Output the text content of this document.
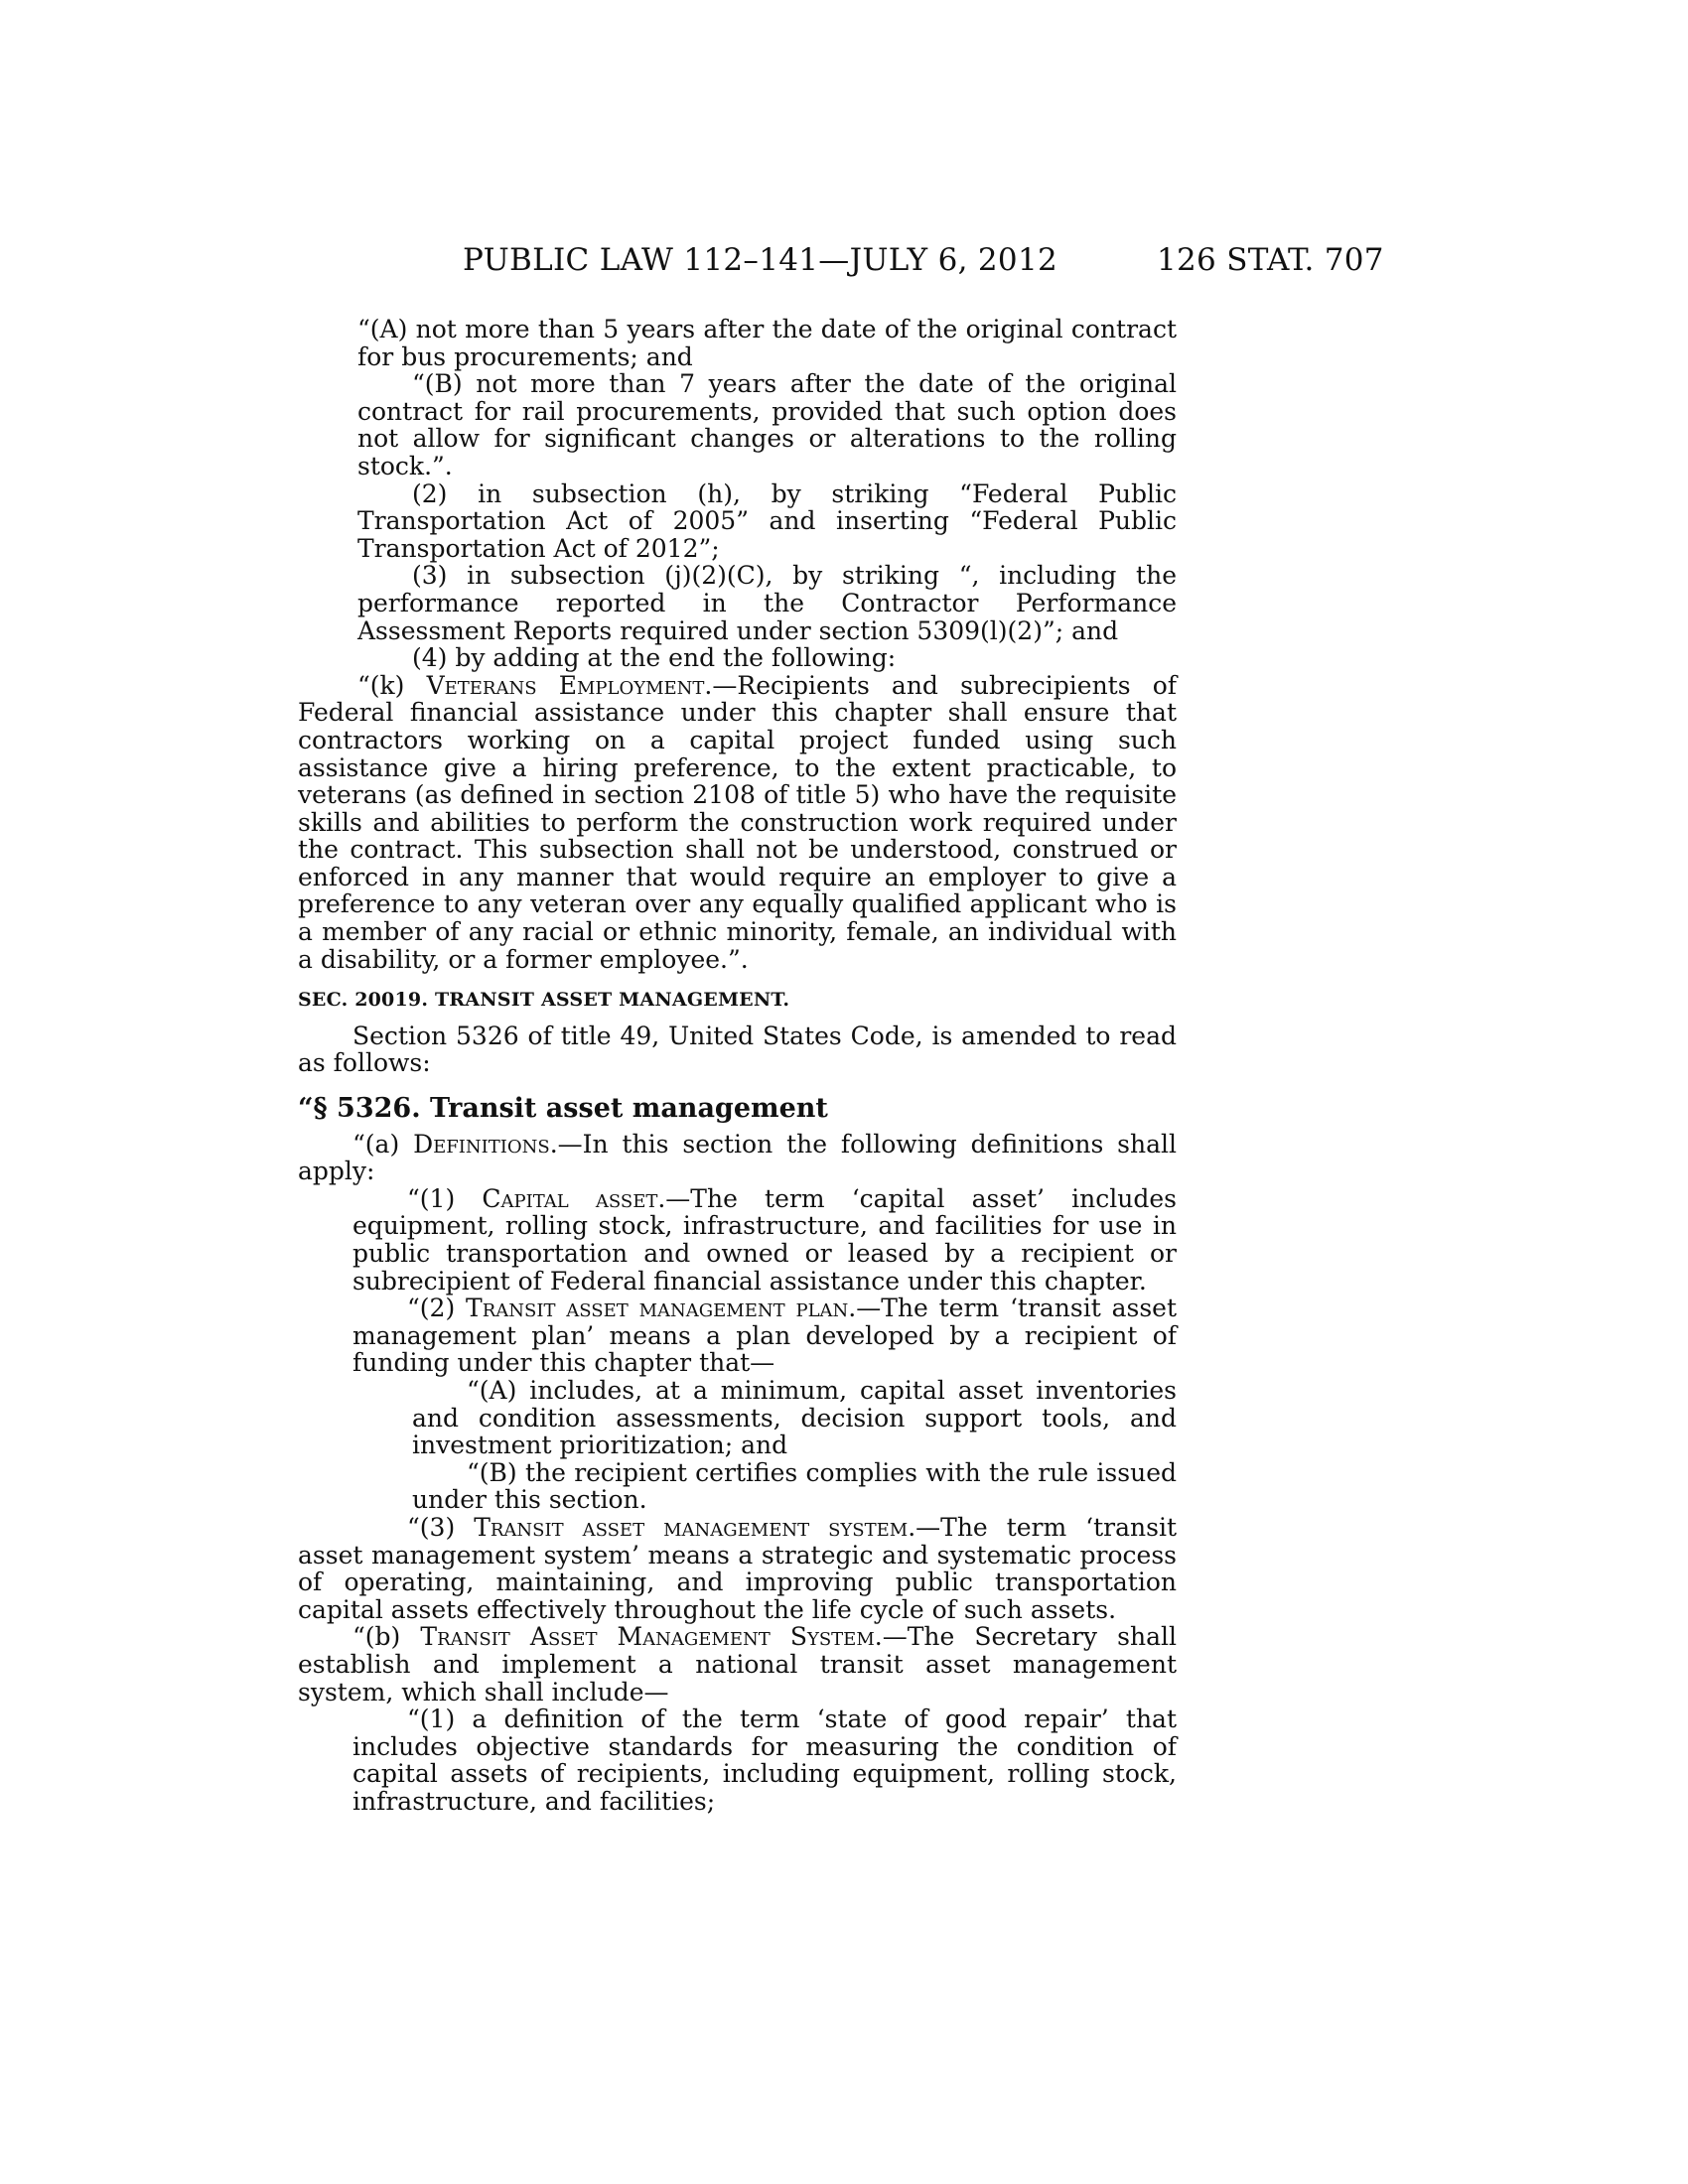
PUBLIC LAW 112–141—JULY 6, 2012	126 STAT. 707

“(A) not more than 5 years after the date of the original contract for bus procurements; and

“(B) not more than 7 years after the date of the original contract for rail procurements, provided that such option does not allow for significant changes or alterations to the rolling stock.”.

(2) in subsection (h), by striking “Federal Public Transportation Act of 2005” and inserting “Federal Public Transportation Act of 2012”;

(3) in subsection (j)(2)(C), by striking “, including the performance reported in the Contractor Performance Assessment Reports required under section 5309(l)(2)”; and

(4) by adding at the end the following:

“(k) Veterans Employment.—Recipients and subrecipients of Federal financial assistance under this chapter shall ensure that contractors working on a capital project funded using such assistance give a hiring preference, to the extent practicable, to veterans (as defined in section 2108 of title 5) who have the requisite skills and abilities to perform the construction work required under the contract. This subsection shall not be understood, construed or enforced in any manner that would require an employer to give a preference to any veteran over any equally qualified applicant who is a member of any racial or ethnic minority, female, an individual with a disability, or a former employee.”.

SEC. 20019. TRANSIT ASSET MANAGEMENT.

Section 5326 of title 49, United States Code, is amended to read as follows:

“§ 5326. Transit asset management

“(a) Definitions.—In this section the following definitions shall apply:

“(1) Capital asset.—The term ‘capital asset’ includes equipment, rolling stock, infrastructure, and facilities for use in public transportation and owned or leased by a recipient or subrecipient of Federal financial assistance under this chapter.

“(2) Transit asset management plan.—The term ‘transit asset management plan’ means a plan developed by a recipient of funding under this chapter that—

“(A) includes, at a minimum, capital asset inventories and condition assessments, decision support tools, and investment prioritization; and

“(B) the recipient certifies complies with the rule issued under this section.

“(3) Transit asset management system.—The term ‘transit asset management system’ means a strategic and systematic process of operating, maintaining, and improving public transportation capital assets effectively throughout the life cycle of such assets.

“(b) Transit Asset Management System.—The Secretary shall establish and implement a national transit asset management system, which shall include—

“(1) a definition of the term ‘state of good repair’ that includes objective standards for measuring the condition of capital assets of recipients, including equipment, rolling stock, infrastructure, and facilities;
